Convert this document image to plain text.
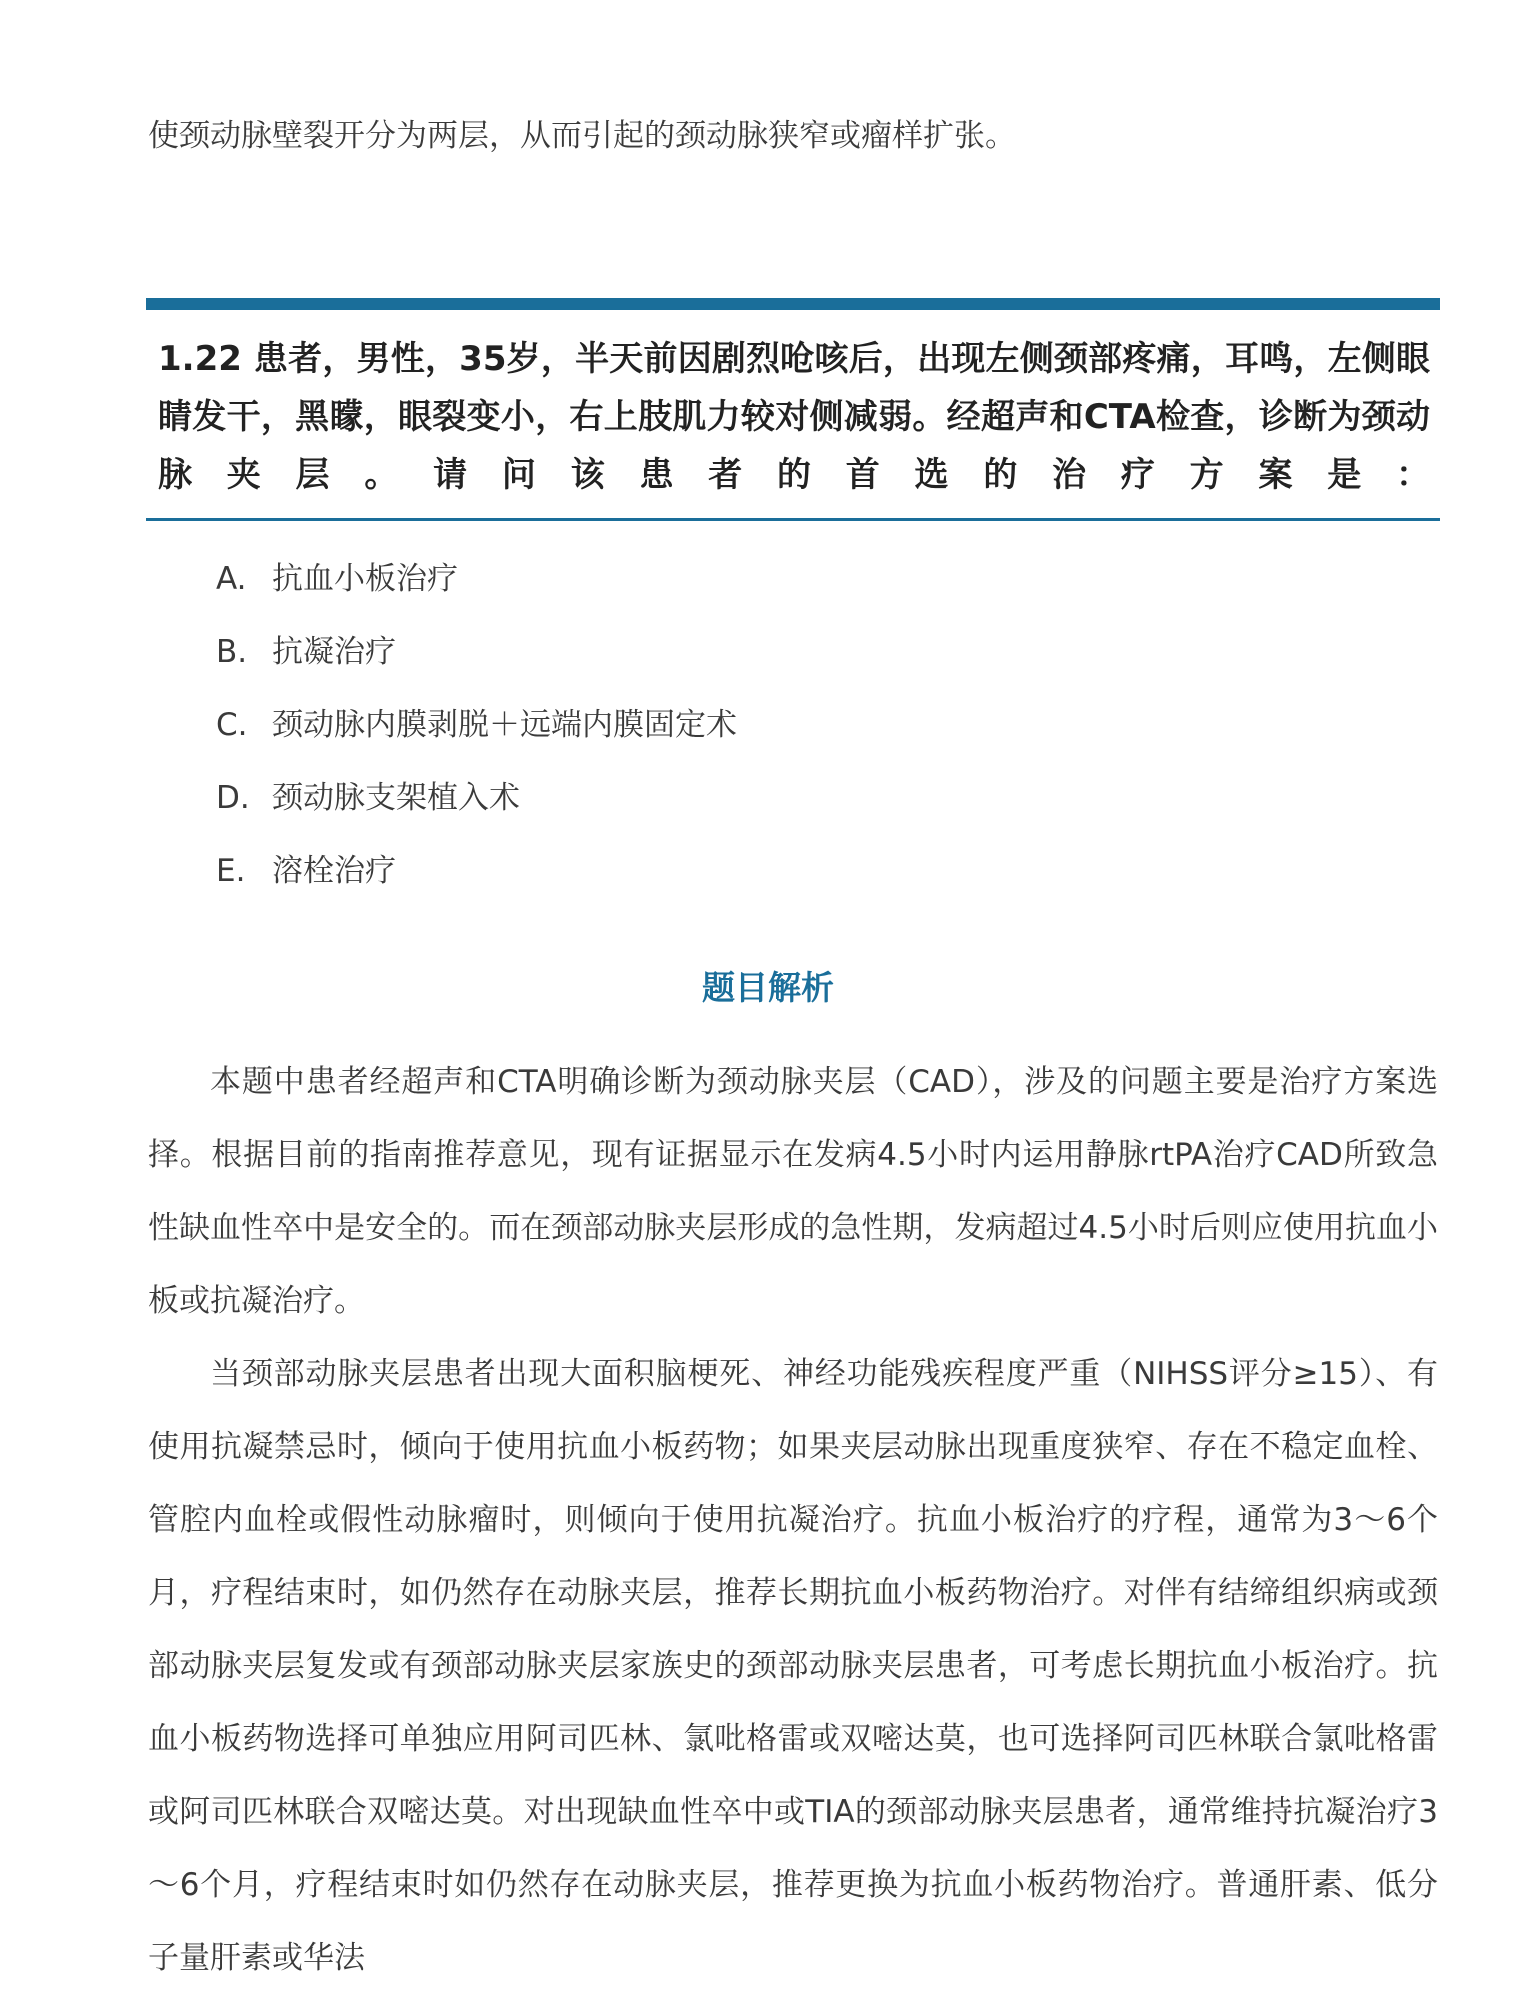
使颈动脉壁裂开分为两层，从而引起的颈动脉狭窄或瘤样扩张。
1.22 患者，男性，35岁，半天前因剧烈呛咳后，出现左侧颈部疼痛，耳鸣，左侧眼睛发干，黑矇，眼裂变小，右上肢肌力较对侧减弱。经超声和CTA检查，诊断为颈动脉夹层。请问该患者的首选的治疗方案是：
A. 抗血小板治疗
B. 抗凝治疗
C. 颈动脉内膜剥脱＋远端内膜固定术
D. 颈动脉支架植入术
E. 溶栓治疗
题目解析

本题中患者经超声和CTA明确诊断为颈动脉夹层（CAD），涉及的问题主要是治疗方案选择。根据目前的指南推荐意见，现有证据显示在发病4.5小时内运用静脉rtPA治疗CAD所致急性缺血性卒中是安全的。而在颈部动脉夹层形成的急性期，发病超过4.5小时后则应使用抗血小板或抗凝治疗。

当颈部动脉夹层患者出现大面积脑梗死、神经功能残疾程度严重（NIHSS评分≥15）、有使用抗凝禁忌时，倾向于使用抗血小板药物；如果夹层动脉出现重度狭窄、存在不稳定血栓、管腔内血栓或假性动脉瘤时，则倾向于使用抗凝治疗。抗血小板治疗的疗程，通常为3～6个月，疗程结束时，如仍然存在动脉夹层，推荐长期抗血小板药物治疗。对伴有结缔组织病或颈部动脉夹层复发或有颈部动脉夹层家族史的颈部动脉夹层患者，可考虑长期抗血小板治疗。抗血小板药物选择可单独应用阿司匹林、氯吡格雷或双嘧达莫，也可选择阿司匹林联合氯吡格雷或阿司匹林联合双嘧达莫。对出现缺血性卒中或TIA的颈部动脉夹层患者，通常维持抗凝治疗3～6个月，疗程结束时如仍然存在动脉夹层，推荐更换为抗血小板药物治疗。普通肝素、低分子量肝素或华法
